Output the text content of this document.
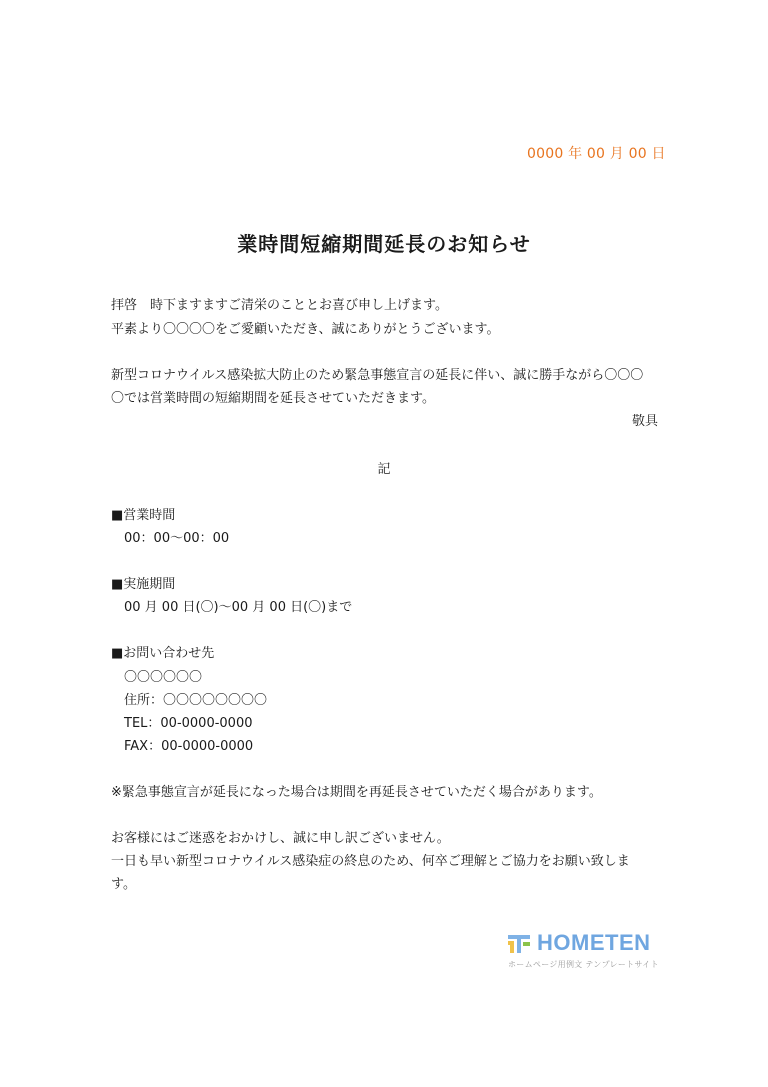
0000 年 00 月 00 日
業時間短縮期間延長のお知らせ
拝啓　時下ますますご清栄のこととお喜び申し上げます。
平素より〇〇〇〇をご愛顧いただき、誠にありがとうございます。
新型コロナウイルス感染拡大防止のため緊急事態宣言の延長に伴い、誠に勝手ながら〇〇〇
〇では営業時間の短縮期間を延長させていただきます。
敬具
記
■営業時間
00：00〜00：00
■実施期間
00 月 00 日(〇)〜00 月 00 日(〇)まで
■お問い合わせ先
〇〇〇〇〇〇
住所：〇〇〇〇〇〇〇〇
TEL：00-0000-0000
FAX：00-0000-0000
※緊急事態宣言が延長になった場合は期間を再延長させていただく場合があります。
お客様にはご迷惑をおかけし、誠に申し訳ございません。
一日も早い新型コロナウイルス感染症の終息のため、何卒ご理解とご協力をお願い致しま
す。
HOMETEN
ホームページ用例文 テンプレートサイト
